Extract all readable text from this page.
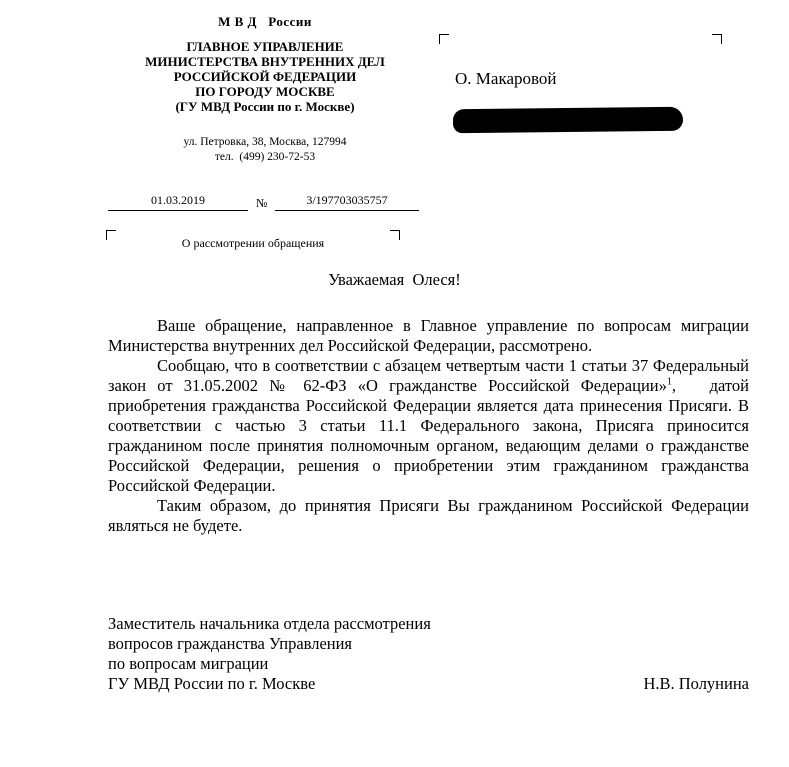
М В Д   России
ГЛАВНОЕ УПРАВЛЕНИЕ
МИНИСТЕРСТВА ВНУТРЕННИХ ДЕЛ
РОССИЙСКОЙ ФЕДЕРАЦИИ
ПО ГОРОДУ МОСКВЕ
(ГУ МВД России по г. Москве)
ул. Петровка, 38, Москва, 127994
тел.  (499) 230-72-53
01.03.2019	№	3/197703035757
О рассмотрении обращения
О. Макаровой
Уважаемая  Олеся!

Ваше обращение, направленное в Главное управление по вопросам миграции Министерства внутренних дел Российской Федерации, рассмотрено.

Сообщаю, что в соответствии с абзацем четвертым части 1 статьи 37 Федеральный закон от 31.05.2002 № 62-ФЗ «О гражданстве Российской Федерации»$^1$,   датой приобретения гражданства Российской Федерации является дата принесения Присяги. В соответствии с частью 3 статьи 11.1 Федерального закона, Присяга приносится гражданином после принятия полномочным органом, ведающим делами о гражданстве Российской Федерации, решения о приобретении этим гражданином гражданства Российской Федерации.

Таким образом, до принятия Присяги Вы гражданином Российской Федерации являться не будете.

Заместитель начальника отдела рассмотрения
вопросов гражданства Управления
по вопросам миграции
ГУ МВД России по г. Москве	Н.В. Полунина
